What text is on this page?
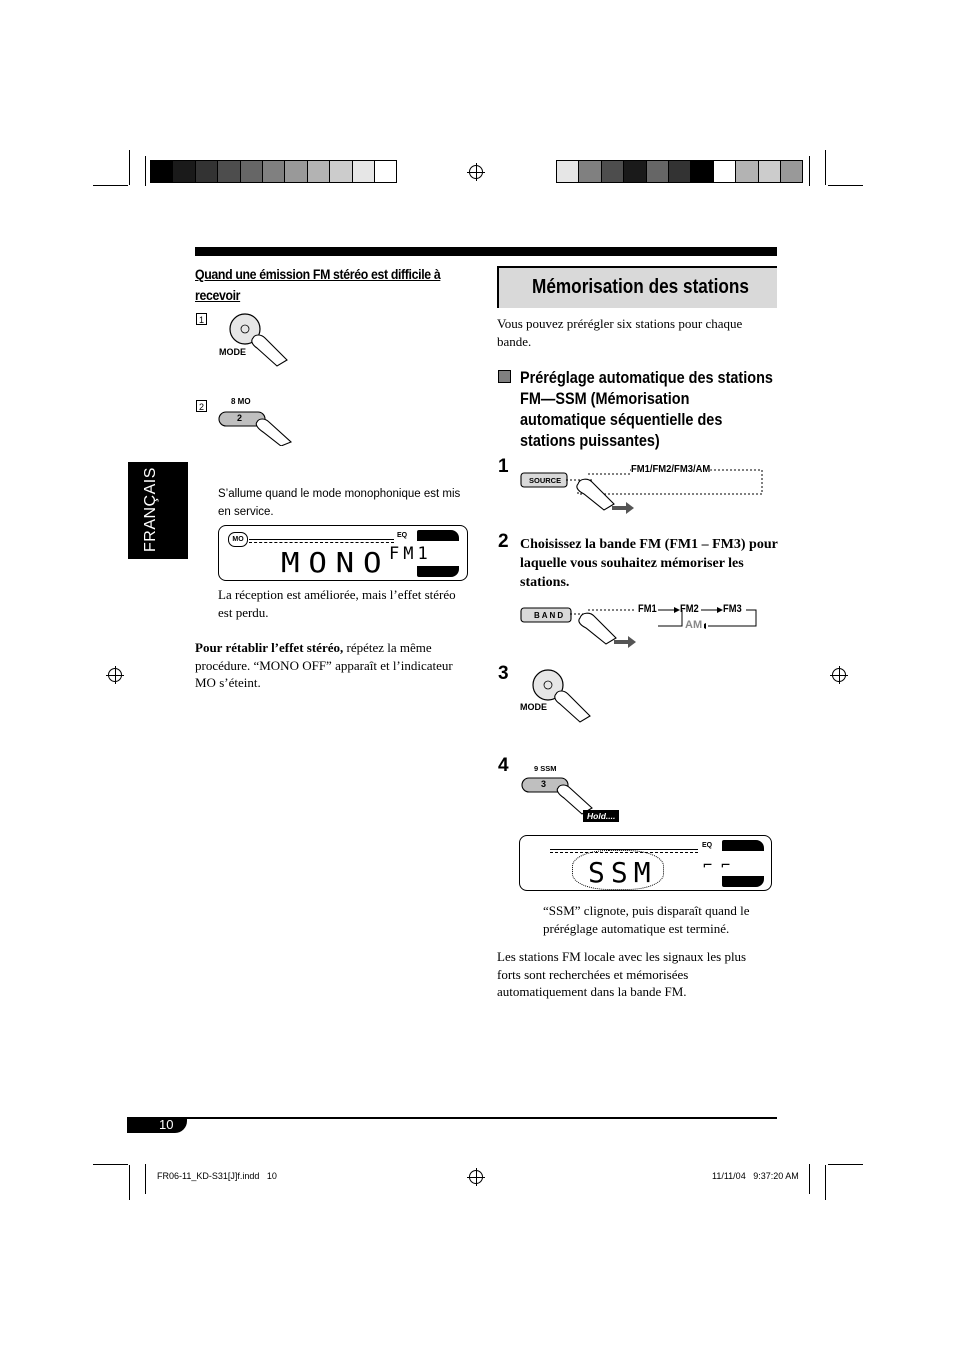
FRANÇAIS
Quand une émission FM stéréo est difficile à recevoir
1
MODE
2
8 MO
2
S’allume quand le mode monophonique est mis en service.
MO
EQ
MONO
FM1
La réception est améliorée, mais l’effet stéréo est perdu.
Pour rétablir l’effet stéréo, répétez la même procédure. “MONO OFF” apparaît et l’indicateur MO s’éteint.
Mémorisation des stations
Vous pouvez prérégler six stations pour chaque bande.
Préréglage automatique des stations FM—SSM (Mémorisation automatique séquentielle des stations puissantes)
1
SOURCE
FM1/FM2/FM3/AM
2 Choisissez la bande FM (FM1 – FM3) pour laquelle vous souhaitez mémoriser les stations.
BAND
FM1 FM2 FM3
AM
3
MODE
4	9 SSM
3
Hold....
EQ
SSM	⌐ ⌐
“SSM” clignote, puis disparaît quand le préréglage automatique est terminé.
Les stations FM locale avec les signaux les plus forts sont recherchées et mémorisées automatiquement dans la bande FM.
10
FR06-11_KD-S31[J]f.indd   10	11/11/04   9:37:20 AM
